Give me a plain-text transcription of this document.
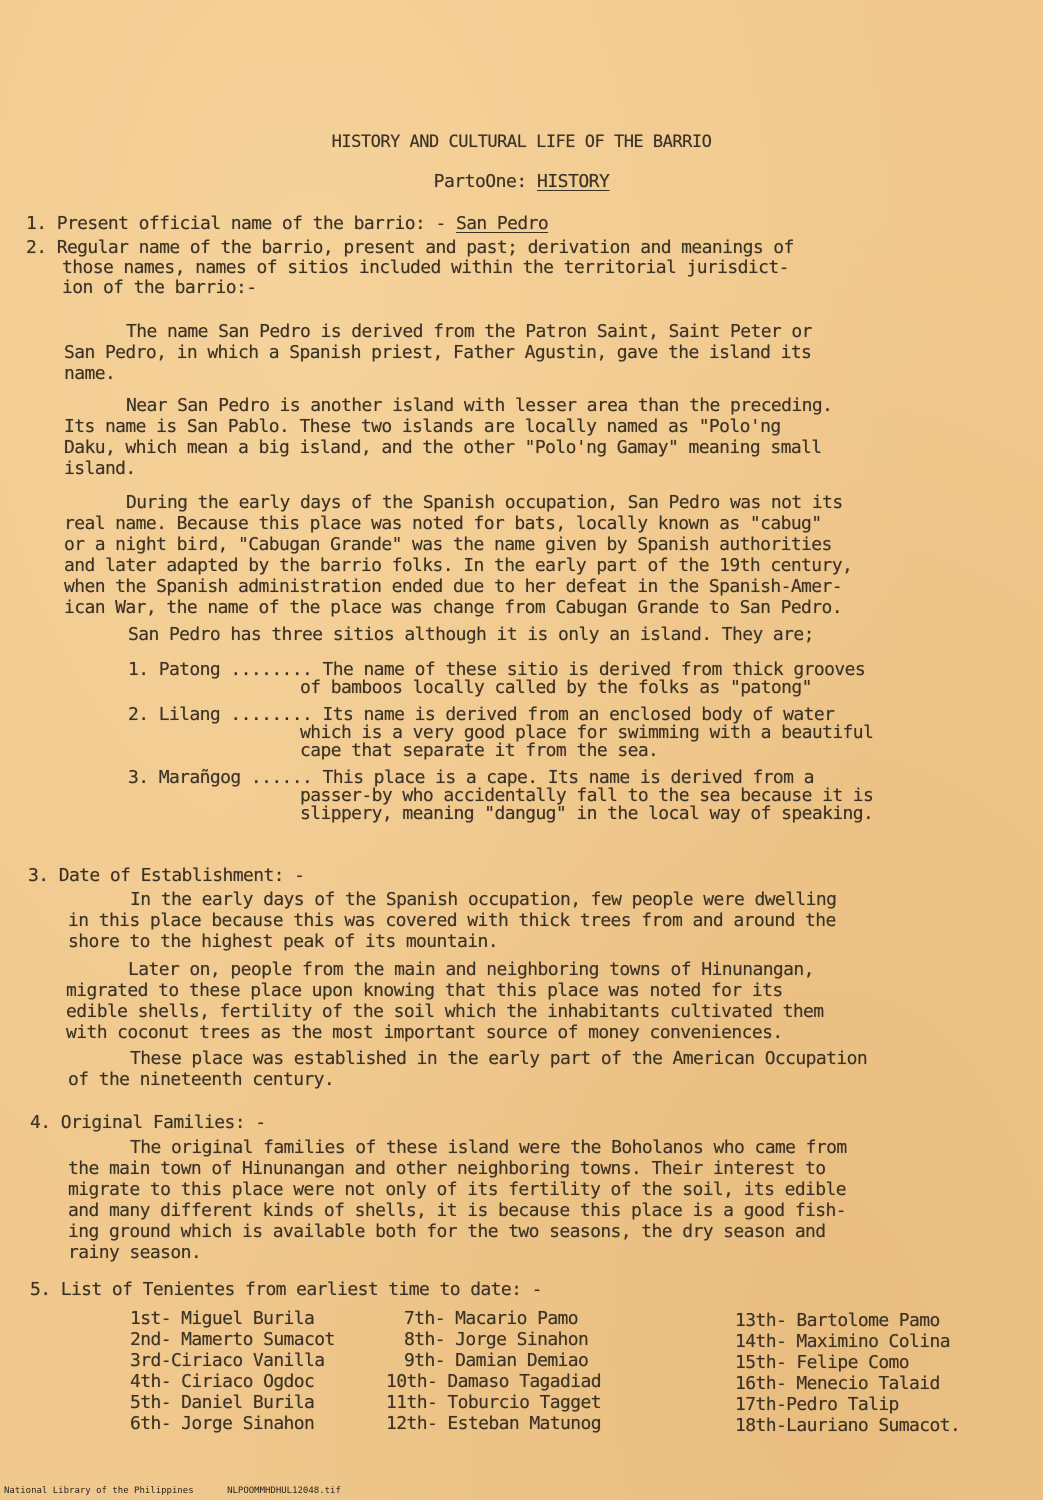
HISTORY AND CULTURAL LIFE OF THE BARRIO
PartoOne: HISTORY
1. Present official name of the barrio: - San Pedro
2. Regular name of the barrio, present and past; derivation and meanings of
those names, names of sitios included within the territorial jurisdict-
ion of the barrio:-
The name San Pedro is derived from the Patron Saint, Saint Peter or
San Pedro, in which a Spanish priest, Father Agustin, gave the island its
name.
Near San Pedro is another island with lesser area than the preceding.
Its name is San Pablo. These two islands are locally named as "Polo'ng
Daku, which mean a big island, and the other "Polo'ng Gamay" meaning small
island.
During the early days of the Spanish occupation, San Pedro was not its
real name. Because this place was noted for bats, locally known as "cabug"
or a night bird, "Cabugan Grande" was the name given by Spanish authorities
and later adapted by the barrio folks. In the early part of the 19th century,
when the Spanish administration ended due to her defeat in the Spanish-Amer-
ican War, the name of the place was change from Cabugan Grande to San Pedro.
San Pedro has three sitios although it is only an island. They are;
1. Patong ........ The name of these sitio is derived from thick grooves
of bamboos locally called by the folks as "patong"
2. Lilang ........ Its name is derived from an enclosed body of water
which is a very good place for swimming with a beautiful
cape that separate it from the sea.
3. Marañgog ...... This place is a cape. Its name is derived from a
passer-by who accidentally fall to the sea because it is
slippery, meaning "dangug" in the local way of speaking.
3. Date of Establishment: -
In the early days of the Spanish occupation, few people were dwelling
in this place because this was covered with thick trees from and around the
shore to the highest peak of its mountain.
Later on, people from the main and neighboring towns of Hinunangan,
migrated to these place upon knowing that this place was noted for its
edible shells, fertility of the soil which the inhabitants cultivated them
with coconut trees as the most important source of money conveniences.
These place was established in the early part of the American Occupation
of the nineteenth century.
4. Original Families: -
The original families of these island were the Boholanos who came from
the main town of Hinunangan and other neighboring towns. Their interest to
migrate to this place were not only of its fertility of the soil, its edible
and many different kinds of shells, it is because this place is a good fish-
ing ground which is available both for the two seasons, the dry season and
rainy season.
5. List of Tenientes from earliest time to date: -
1st- Miguel Burila
2nd- Mamerto Sumacot
3rd-Ciriaco Vanilla
4th- Ciriaco Ogdoc
5th- Daniel Burila
6th- Jorge Sinahon
7th- Macario Pamo
8th- Jorge Sinahon
9th- Damian Demiao
10th- Damaso Tagadiad
11th- Toburcio Tagget
12th- Esteban Matunog
13th- Bartolome Pamo
14th- Maximino Colina
15th- Felipe Como
16th- Menecio Talaid
17th-Pedro Talip
18th-Lauriano Sumacot.
National Library of the Philippines	NLPOOMMHDHUL12048.tif
